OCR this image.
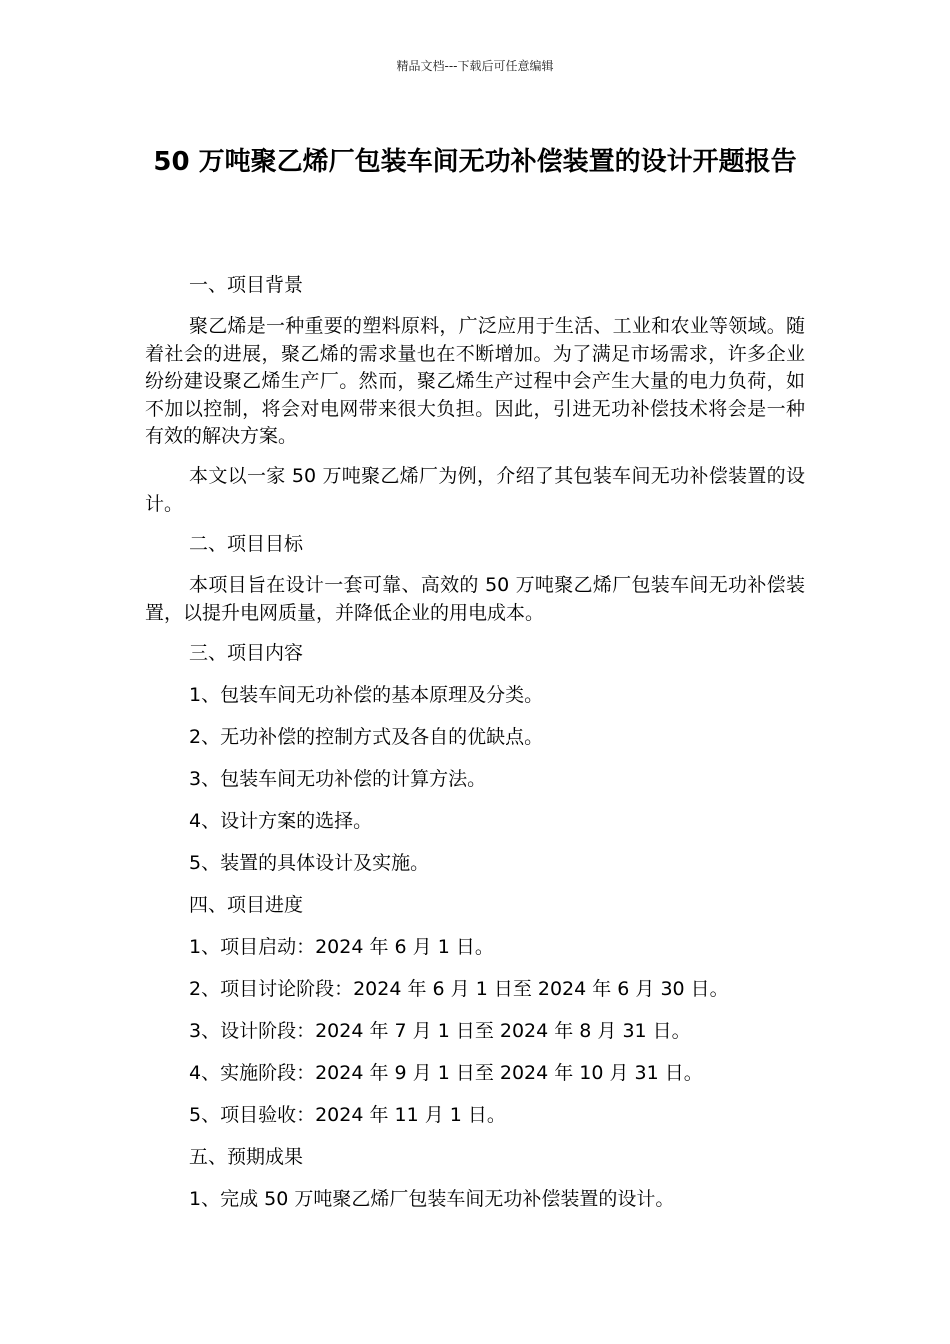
精品文档---下载后可任意编辑
50 万吨聚乙烯厂包装车间无功补偿装置的设计开题报告
一、项目背景

聚乙烯是一种重要的塑料原料，广泛应用于生活、工业和农业等领域。随着社会的进展，聚乙烯的需求量也在不断增加。为了满足市场需求，许多企业纷纷建设聚乙烯生产厂。然而，聚乙烯生产过程中会产生大量的电力负荷，如不加以控制，将会对电网带来很大负担。因此，引进无功补偿技术将会是一种有效的解决方案。

本文以一家 50 万吨聚乙烯厂为例，介绍了其包装车间无功补偿装置的设计。

二、项目目标

本项目旨在设计一套可靠、高效的 50 万吨聚乙烯厂包装车间无功补偿装置，以提升电网质量，并降低企业的用电成本。

三、项目内容
1、包装车间无功补偿的基本原理及分类。
2、无功补偿的控制方式及各自的优缺点。
3、包装车间无功补偿的计算方法。
4、设计方案的选择。
5、装置的具体设计及实施。
四、项目进度
1、项目启动：2024 年 6 月 1 日。
2、项目讨论阶段：2024 年 6 月 1 日至 2024 年 6 月 30 日。
3、设计阶段：2024 年 7 月 1 日至 2024 年 8 月 31 日。
4、实施阶段：2024 年 9 月 1 日至 2024 年 10 月 31 日。
5、项目验收：2024 年 11 月 1 日。
五、预期成果
1、完成 50 万吨聚乙烯厂包装车间无功补偿装置的设计。
